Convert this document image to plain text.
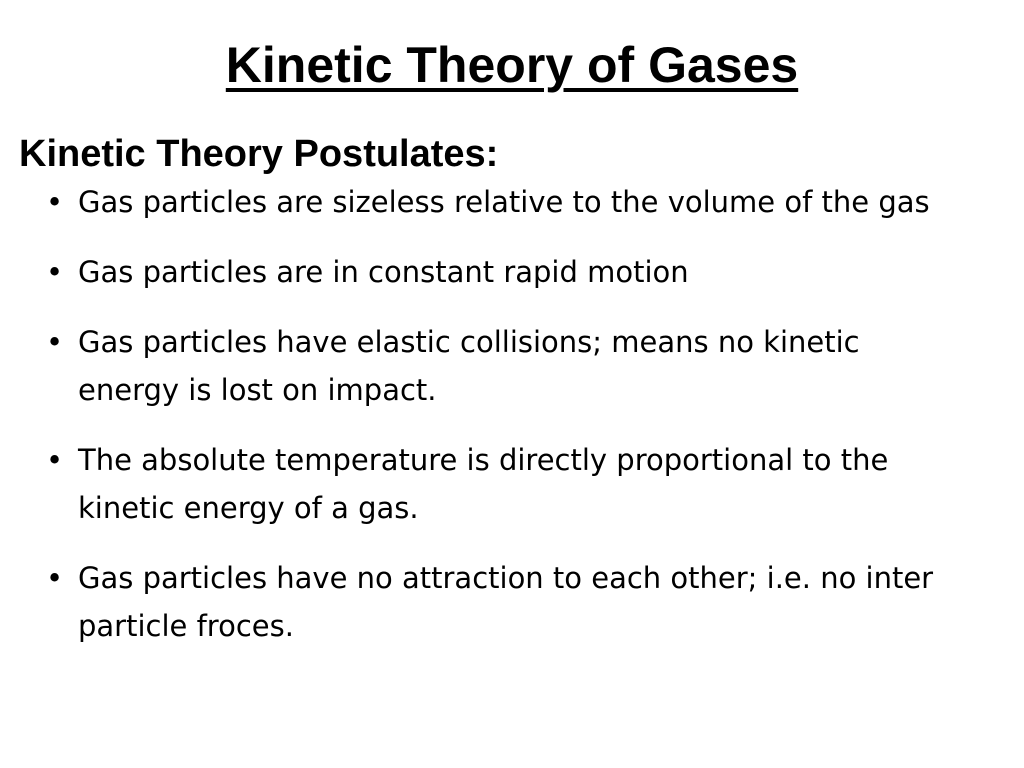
Kinetic Theory of Gases
Kinetic Theory Postulates:
• Gas particles are sizeless relative to the volume of the gas
• Gas particles are in constant rapid motion
• Gas particles have elastic collisions; means no kinetic energy is lost on impact.
• The absolute temperature is directly proportional to the kinetic energy of a gas.
• Gas particles have no attraction to each other; i.e. no inter particle froces.
